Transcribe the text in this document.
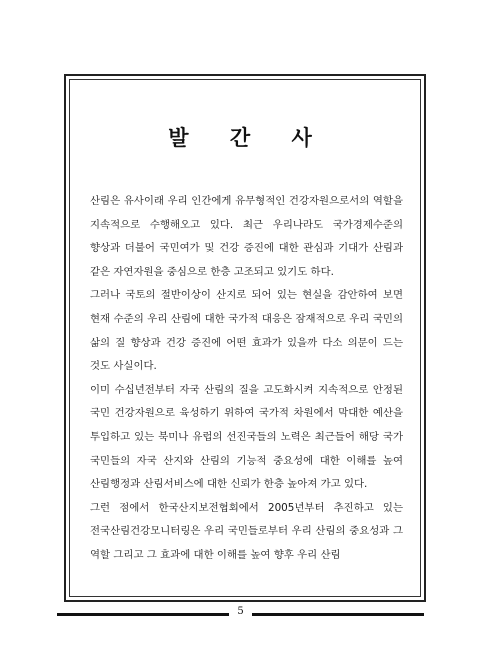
발 간 사

산림은 유사이래 우리 인간에게 유무형적인 건강자원으로서의 역할을 지속적으로 수행해오고 있다. 최근 우리나라도 국가경제수준의 향상과 더불어 국민여가 및 건강 증진에 대한 관심과 기대가 산림과 같은 자연자원을 중심으로 한층 고조되고 있기도 하다.

그러나 국토의 절반이상이 산지로 되어 있는 현실을 감안하여 보면 현재 수준의 우리 산림에 대한 국가적 대응은 잠재적으로 우리 국민의 삶의 질 향상과 건강 증진에 어떤 효과가 있을까 다소 의문이 드는 것도 사실이다.

이미 수십년전부터 자국 산림의 질을 고도화시켜 지속적으로 안정된 국민 건강자원으로 육성하기 위하여 국가적 차원에서 막대한 예산을 투입하고 있는 북미나 유럽의 선진국들의 노력은 최근들어 해당 국가 국민들의 자국 산지와 산림의 기능적 중요성에 대한 이해를 높여 산림행정과 산림서비스에 대한 신뢰가 한층 높아져 가고 있다.

그런 점에서 한국산지보전협회에서 2005년부터 추진하고 있는 전국산림건강모니터링은 우리 국민들로부터 우리 산림의 중요성과 그 역할 그리고 그 효과에 대한 이해를 높여 향후 우리 산림

5
